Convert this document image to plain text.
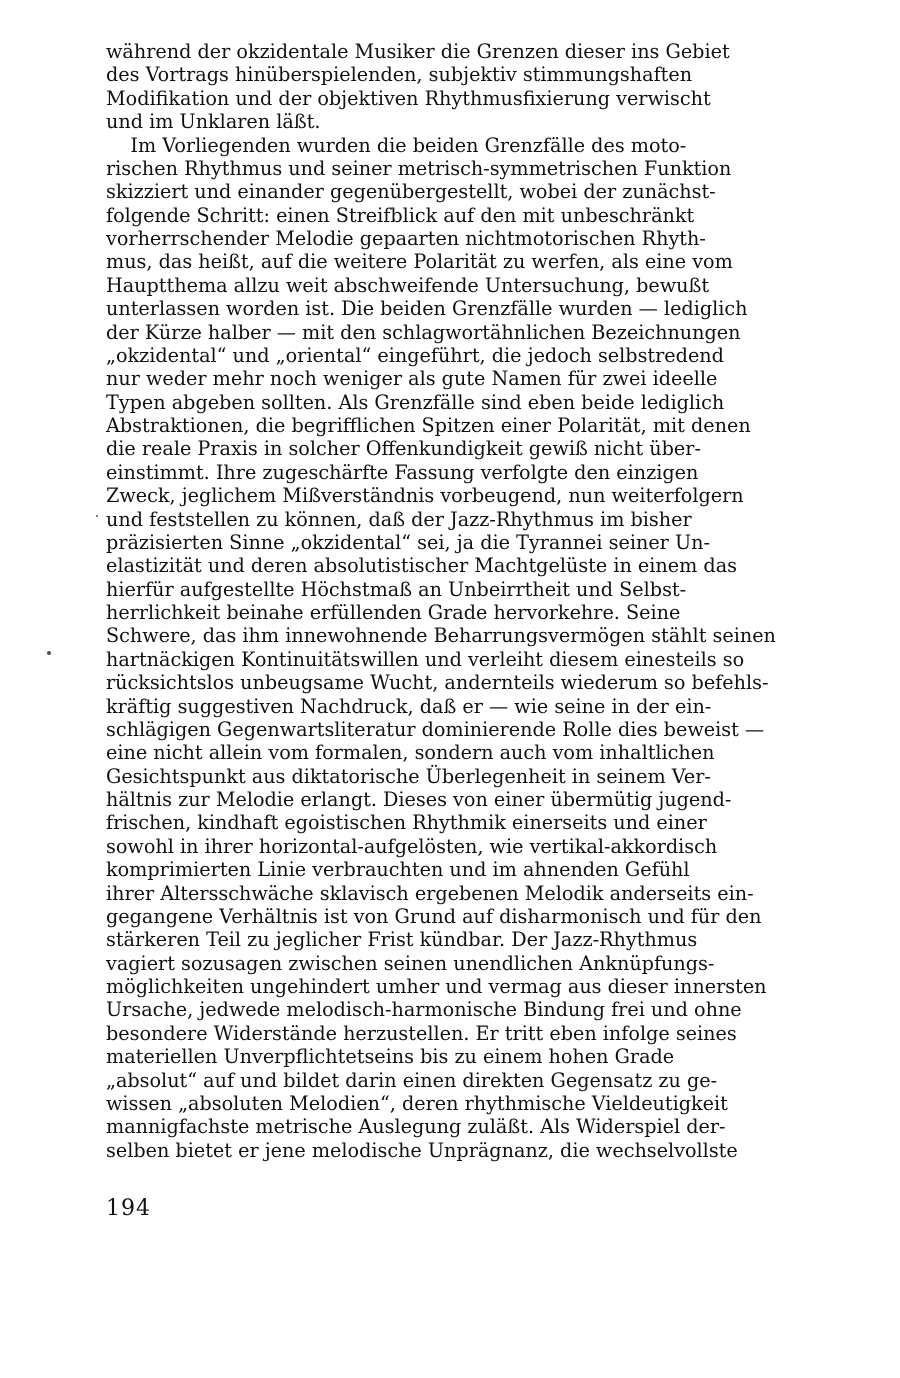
während der okzidentale Musiker die Grenzen dieser ins Gebiet
des Vortrags hinüberspielenden, subjektiv stimmungshaften
Modifikation und der objektiven Rhythmusfixierung verwischt
und im Unklaren läßt.
Im Vorliegenden wurden die beiden Grenzfälle des moto-
rischen Rhythmus und seiner metrisch-symmetrischen Funktion
skizziert und einander gegenübergestellt, wobei der zunächst-
folgende Schritt: einen Streifblick auf den mit unbeschränkt
vorherrschender Melodie gepaarten nichtmotorischen Rhyth-
mus, das heißt, auf die weitere Polarität zu werfen, als eine vom
Hauptthema allzu weit abschweifende Untersuchung, bewußt
unterlassen worden ist. Die beiden Grenzfälle wurden — lediglich
der Kürze halber — mit den schlagwortähnlichen Bezeichnungen
„okzidental“ und „oriental“ eingeführt, die jedoch selbstredend
nur weder mehr noch weniger als gute Namen für zwei ideelle
Typen abgeben sollten. Als Grenzfälle sind eben beide lediglich
Abstraktionen, die begrifflichen Spitzen einer Polarität, mit denen
die reale Praxis in solcher Offenkundigkeit gewiß nicht über-
einstimmt. Ihre zugeschärfte Fassung verfolgte den einzigen
Zweck, jeglichem Mißverständnis vorbeugend, nun weiterfolgern
und feststellen zu können, daß der Jazz-Rhythmus im bisher
präzisierten Sinne „okzidental“ sei, ja die Tyrannei seiner Un-
elastizität und deren absolutistischer Machtgelüste in einem das
hierfür aufgestellte Höchstmaß an Unbeirrtheit und Selbst-
herrlichkeit beinahe erfüllenden Grade hervorkehre. Seine
Schwere, das ihm innewohnende Beharrungsvermögen stählt seinen
hartnäckigen Kontinuitätswillen und verleiht diesem einesteils so
rücksichtslos unbeugsame Wucht, andernteils wiederum so befehls-
kräftig suggestiven Nachdruck, daß er — wie seine in der ein-
schlägigen Gegenwartsliteratur dominierende Rolle dies beweist —
eine nicht allein vom formalen, sondern auch vom inhaltlichen
Gesichtspunkt aus diktatorische Überlegenheit in seinem Ver-
hältnis zur Melodie erlangt. Dieses von einer übermütig jugend-
frischen, kindhaft egoistischen Rhythmik einerseits und einer
sowohl in ihrer horizontal-aufgelösten, wie vertikal-akkordisch
komprimierten Linie verbrauchten und im ahnenden Gefühl
ihrer Altersschwäche sklavisch ergebenen Melodik anderseits ein-
gegangene Verhältnis ist von Grund auf disharmonisch und für den
stärkeren Teil zu jeglicher Frist kündbar. Der Jazz-Rhythmus
vagiert sozusagen zwischen seinen unendlichen Anknüpfungs-
möglichkeiten ungehindert umher und vermag aus dieser innersten
Ursache, jedwede melodisch-harmonische Bindung frei und ohne
besondere Widerstände herzustellen. Er tritt eben infolge seines
materiellen Unverpflichtetseins bis zu einem hohen Grade
„absolut“ auf und bildet darin einen direkten Gegensatz zu ge-
wissen „absoluten Melodien“, deren rhythmische Vieldeutigkeit
mannigfachste metrische Auslegung zuläßt. Als Widerspiel der-
selben bietet er jene melodische Unprägnanz, die wechselvollste
194
